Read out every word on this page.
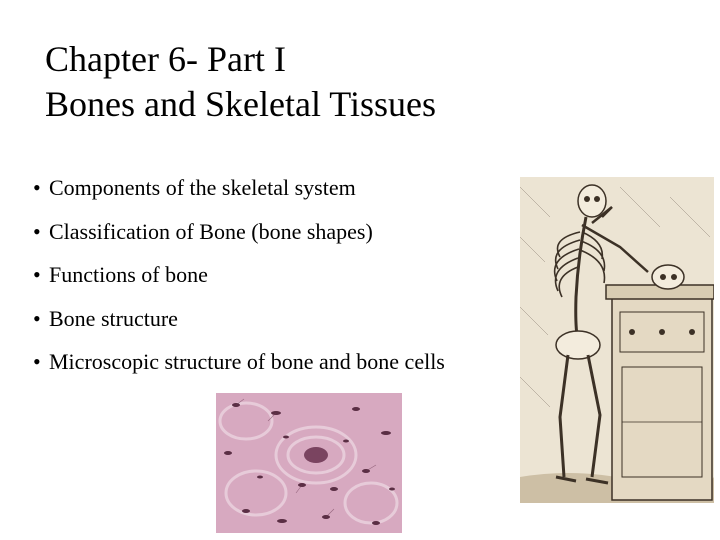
Chapter 6- Part I
Bones and Skeletal Tissues
• Components of the skeletal system
• Classification of Bone (bone shapes)
• Functions of bone
• Bone structure
• Microscopic structure of bone and bone cells
